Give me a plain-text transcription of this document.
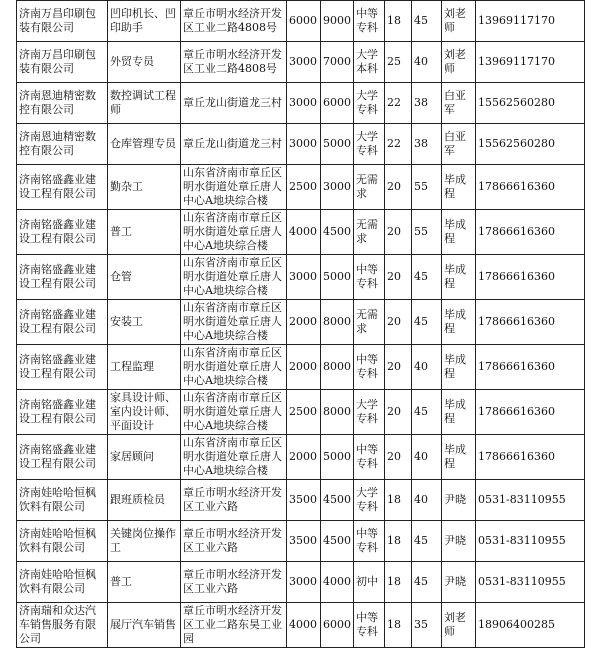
济南万昌印刷包装有限公司	凹印机长、凹印助手	章丘市明水经济开发区工业二路4808号	6000	9000	中等专科	18	45	刘老师	13969117170
济南万昌印刷包装有限公司	外贸专员	章丘市明水经济开发区工业二路4808号	3000	7000	大学本科	25	40	刘老师	13969117170
济南恩迪精密数控有限公司	数控调试工程师	章丘龙山街道龙三村	3000	6000	大学专科	22	38	白亚军	15562560280
济南恩迪精密数控有限公司	仓库管理专员	章丘龙山街道龙三村	3000	5000	大学专科	22	38	白亚军	15562560280
济南铭盛鑫业建设工程有限公司	勤杂工	山东省济南市章丘区明水街道处章丘唐人中心A地块综合楼	2500	3000	无需求	20	55	毕成程	17866616360
济南铭盛鑫业建设工程有限公司	普工	山东省济南市章丘区明水街道处章丘唐人中心A地块综合楼	4000	4500	无需求	20	55	毕成程	17866616360
济南铭盛鑫业建设工程有限公司	仓管	山东省济南市章丘区明水街道处章丘唐人中心A地块综合楼	3000	5000	中等专科	20	45	毕成程	17866616360
济南铭盛鑫业建设工程有限公司	安装工	山东省济南市章丘区明水街道处章丘唐人中心A地块综合楼	2000	8000	无需求	20	45	毕成程	17866616360
济南铭盛鑫业建设工程有限公司	工程监理	山东省济南市章丘区明水街道处章丘唐人中心A地块综合楼	2000	8000	中等专科	20	40	毕成程	17866616360
济南铭盛鑫业建设工程有限公司	家具设计师、室内设计师、平面设计	山东省济南市章丘区明水街道处章丘唐人中心A地块综合楼	2500	8000	大学专科	20	45	毕成程	17866616360
济南铭盛鑫业建设工程有限公司	家居顾问	山东省济南市章丘区明水街道处章丘唐人中心A地块综合楼	2000	5000	中等专科	20	40	毕成程	17866616360
济南娃哈哈恒枫饮料有限公司	跟班质检员	章丘市明水经济开发区工业六路	3500	4500	大学专科	18	40	尹晓	0531-83110955
济南娃哈哈恒枫饮料有限公司	关键岗位操作工	章丘市明水经济开发区工业六路	3500	4500	中等专科	18	45	尹晓	0531-83110955
济南娃哈哈恒枫饮料有限公司	普工	章丘市明水经济开发区工业六路	3000	4000	初中	18	45	尹晓	0531-83110955
济南瑞和众达汽车销售服务有限公司	展厅汽车销售	章丘市明水经济开发区工业二路东昊工业园	4000	6000	中等专科	18	35	刘老师	18906400285
